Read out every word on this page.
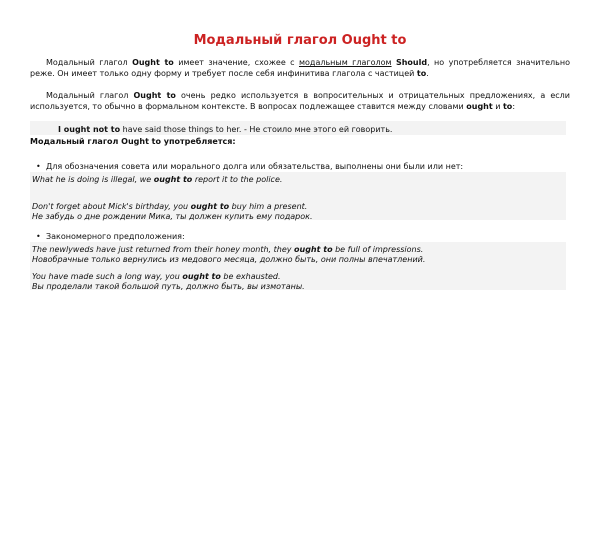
Модальный глагол Ought to
Модальный глагол Ought to имеет значение, схожее с модальным глаголом Should, но употребляется значительно реже. Он имеет только одну форму и требует после себя инфинитива глагола с частицей to.
Модальный глагол Ought to очень редко используется в вопросительных и отрицательных предложениях, а если используется, то обычно в формальном контексте. В вопросах подлежащее ставится между словами ought и to:
I ought not to have said those things to her. - Не стоило мне этого ей говорить.
Модальный глагол Ought to употребляется:
• Для обозначения совета или морального долга или обязательства, выполнены они были или нет:
What he is doing is illegal, we ought to report it to the police.
Don't forget about Mick's birthday, you ought to buy him a present.
Не забудь о дне рождении Мика, ты должен купить ему подарок.
• Закономерного предположения:
The newlyweds have just returned from their honey month, they ought to be full of impressions.
Новобрачные только вернулись из медового месяца, должно быть, они полны впечатлений.
You have made such a long way, you ought to be exhausted.
Вы проделали такой большой путь, должно быть, вы измотаны.
